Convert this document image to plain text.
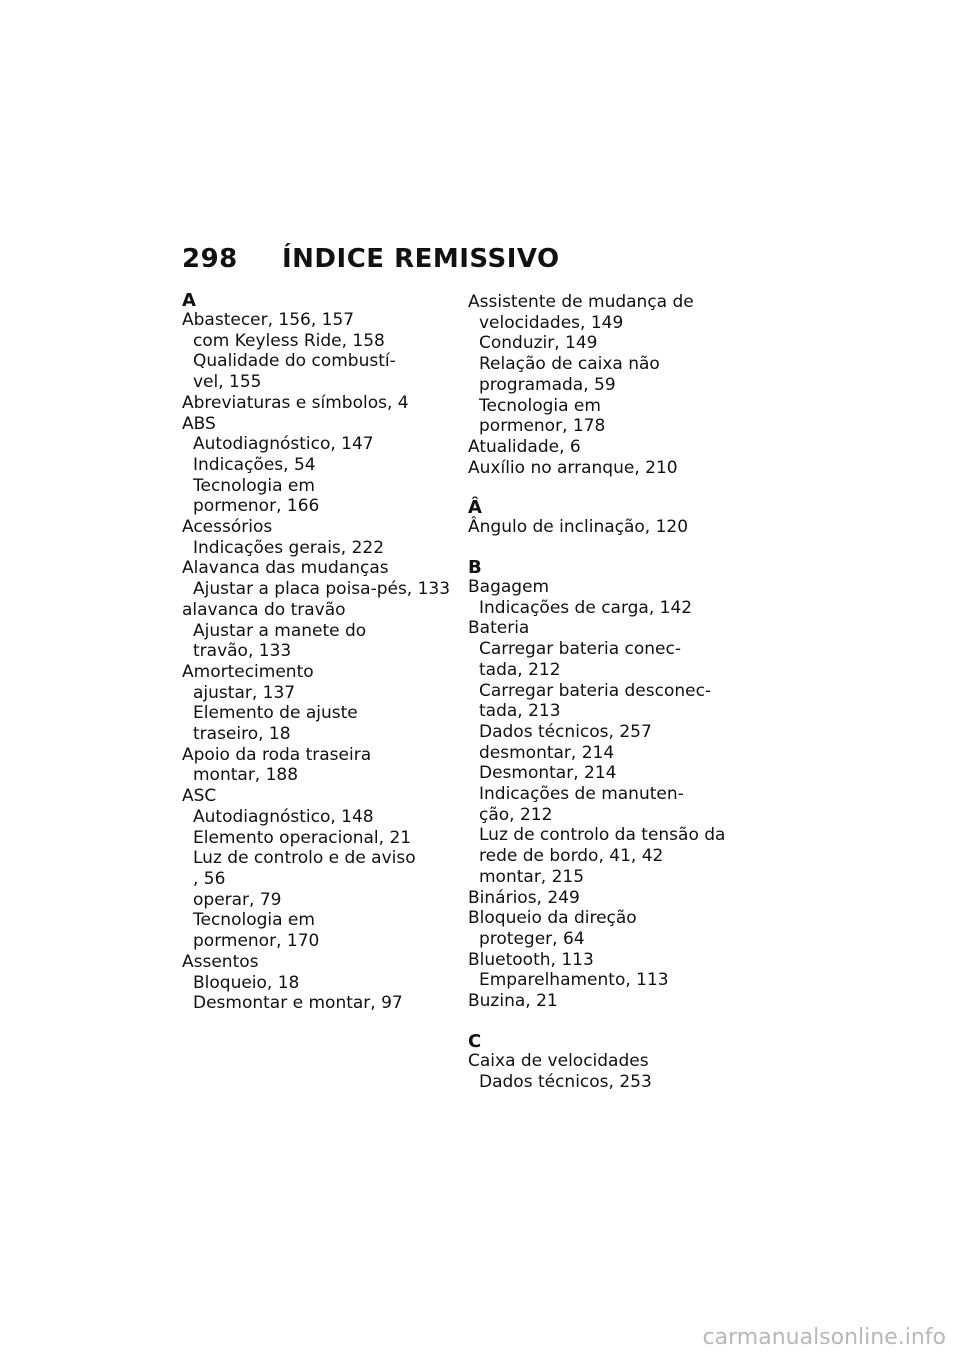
298 ÍNDICE REMISSIVO
A
Abastecer, 156, 157
com Keyless Ride, 158
Qualidade do combustí-
vel, 155
Abreviaturas e símbolos, 4
ABS
Autodiagnóstico, 147
Indicações, 54
Tecnologia em
pormenor, 166
Acessórios
Indicações gerais, 222
Alavanca das mudanças
Ajustar a placa poisa-pés, 133
alavanca do travão
Ajustar a manete do
travão, 133
Amortecimento
ajustar, 137
Elemento de ajuste
traseiro, 18
Apoio da roda traseira
montar, 188
ASC
Autodiagnóstico, 148
Elemento operacional, 21
Luz de controlo e de aviso
, 56
operar, 79
Tecnologia em
pormenor, 170
Assentos
Bloqueio, 18
Desmontar e montar, 97
Assistente de mudança de
velocidades, 149
Conduzir, 149
Relação de caixa não
programada, 59
Tecnologia em
pormenor, 178
Atualidade, 6
Auxílio no arranque, 210
Â
Ângulo de inclinação, 120
B
Bagagem
Indicações de carga, 142
Bateria
Carregar bateria conec-
tada, 212
Carregar bateria desconec-
tada, 213
Dados técnicos, 257
desmontar, 214
Desmontar, 214
Indicações de manuten-
ção, 212
Luz de controlo da tensão da
rede de bordo, 41, 42
montar, 215
Binários, 249
Bloqueio da direção
proteger, 64
Bluetooth, 113
Emparelhamento, 113
Buzina, 21
C
Caixa de velocidades
Dados técnicos, 253
carmanualsonline.info
